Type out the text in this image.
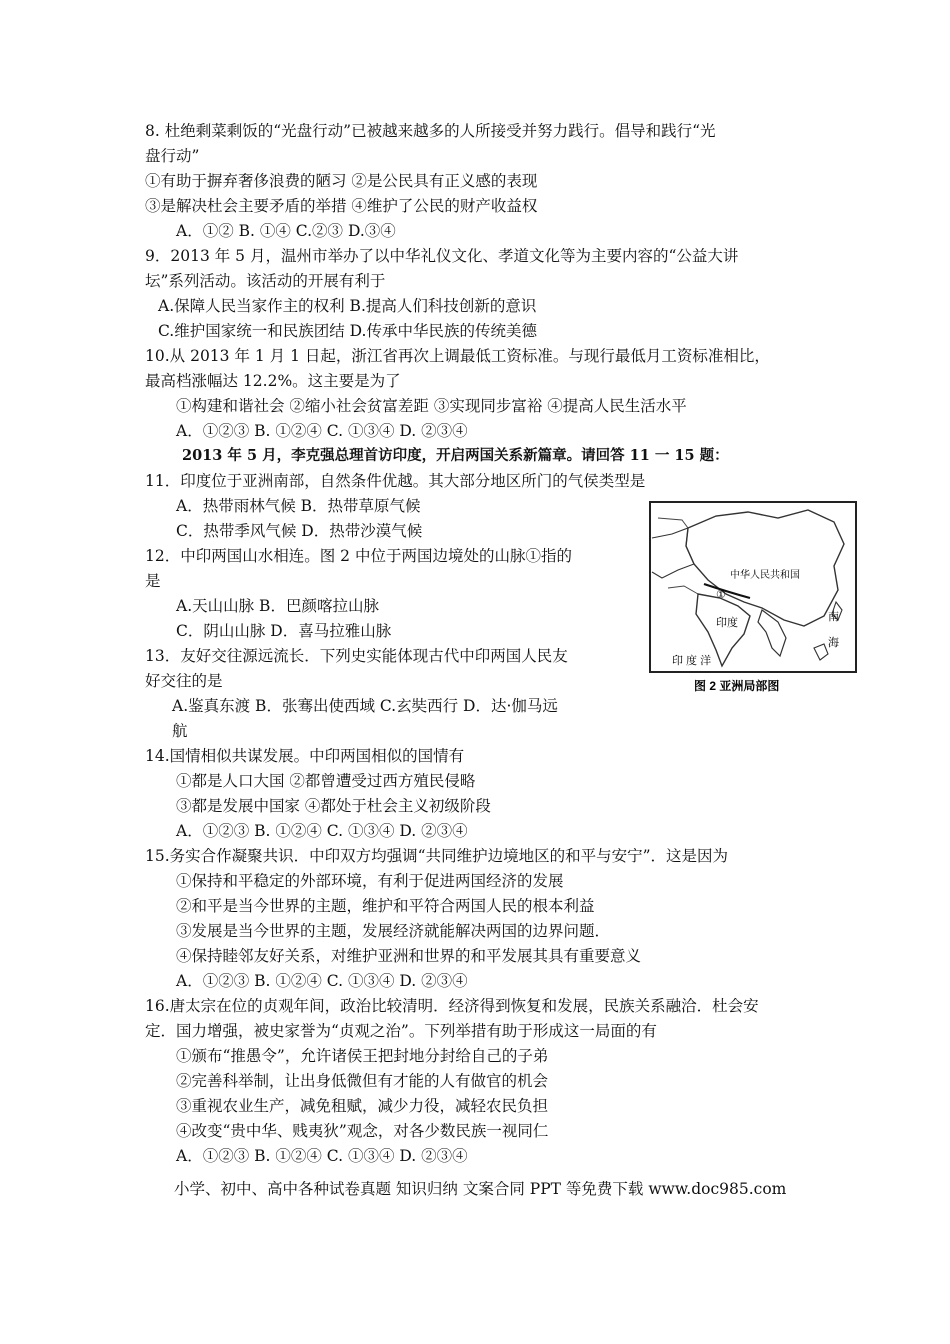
8. 杜绝剩菜剩饭的“光盘行动”已被越来越多的人所接受并努力践行。倡导和践行“光
盘行动”
①有助于摒弃奢侈浪费的陋习 ②是公民具有正义感的表现
③是解决杜会主要矛盾的举措 ④维护了公民的财产收益权
A．①② B. ①④ C.②③ D.③④
9．2013 年 5 月，温州市举办了以中华礼仪文化、孝道文化等为主要内容的“公益大讲
坛”系列活动。该活动的开展有利于
A.保障人民当家作主的权利 B.提高人们科技创新的意识
C.维护国家统一和民族团结 D.传承中华民族的传统美德
10.从 2013 年 1 月 1 日起，浙江省再次上调最低工资标准。与现行最低月工资标准相比，
最高档涨幅达 12.2%。这主要是为了
①构建和谐社会 ②缩小社会贫富差距 ③实现同步富裕 ④提高人民生活水平
A．①②③ B. ①②④ C. ①③④ D. ②③④
2013 年 5 月，李克强总理首访印度，开启两国关系新篇章。请回答 11 一 15 题：
11．印度位于亚洲南部，自然条件优越。其大部分地区所门的气侯类型是
A．热带雨林气候 B．热带草原气候
C．热带季风气候 D．热带沙漠气候
12．中印两国山水相连。图 2 中位于两国边境处的山脉①指的
是
A.天山山脉 B．巴颜喀拉山脉
C．阴山山脉 D．喜马拉雅山脉
13．友好交往源远流长．下列史实能体现古代中印两国人民友
好交往的是
A.鉴真东渡 B．张骞出使西域 C.玄奘西行 D．达·伽马远
航
14.国情相似共谋发展。中印两国相似的国情有
①都是人口大国 ②都曾遭受过西方殖民侵略
③都是发展中国家 ④都处于杜会主义初级阶段
A．①②③ B. ①②④ C. ①③④ D. ②③④
15.务实合作凝聚共识．中印双方均强调“共同维护边境地区的和平与安宁”．这是因为
①保持和平稳定的外部环境，有利于促进两国经济的发展
②和平是当今世界的主题，维护和平符合两国人民的根本利益
③发展是当今世界的主题，发展经济就能解决两国的边界问题．
④保持睦邻友好关系，对维护亚洲和世界的和平发展其具有重要意义
A．①②③ B. ①②④ C. ①③④ D. ②③④
16.唐太宗在位的贞观年间，政治比较清明．经济得到恢复和发展，民族关系融洽．杜会安
定．国力增强，被史家誉为“贞观之治”。下列举措有助于形成这一局面的有
①颁布“推愚令”，允许诸侯王把封地分封给自己的子弟
②完善科举制，让出身低微但有才能的人有做官的机会
③重视农业生产，减免租赋，减少力役，减轻农民负担
④改变“贵中华、贱夷狄”观念，对各少数民族一视同仁
A．①②③ B. ①②④ C. ①③④ D. ②③④
中华人民共和国
①
印度	南
海
印 度 洋
图 2 亚洲局部图
小学、初中、高中各种试卷真题 知识归纳 文案合同 PPT 等免费下载 www.doc985.com
